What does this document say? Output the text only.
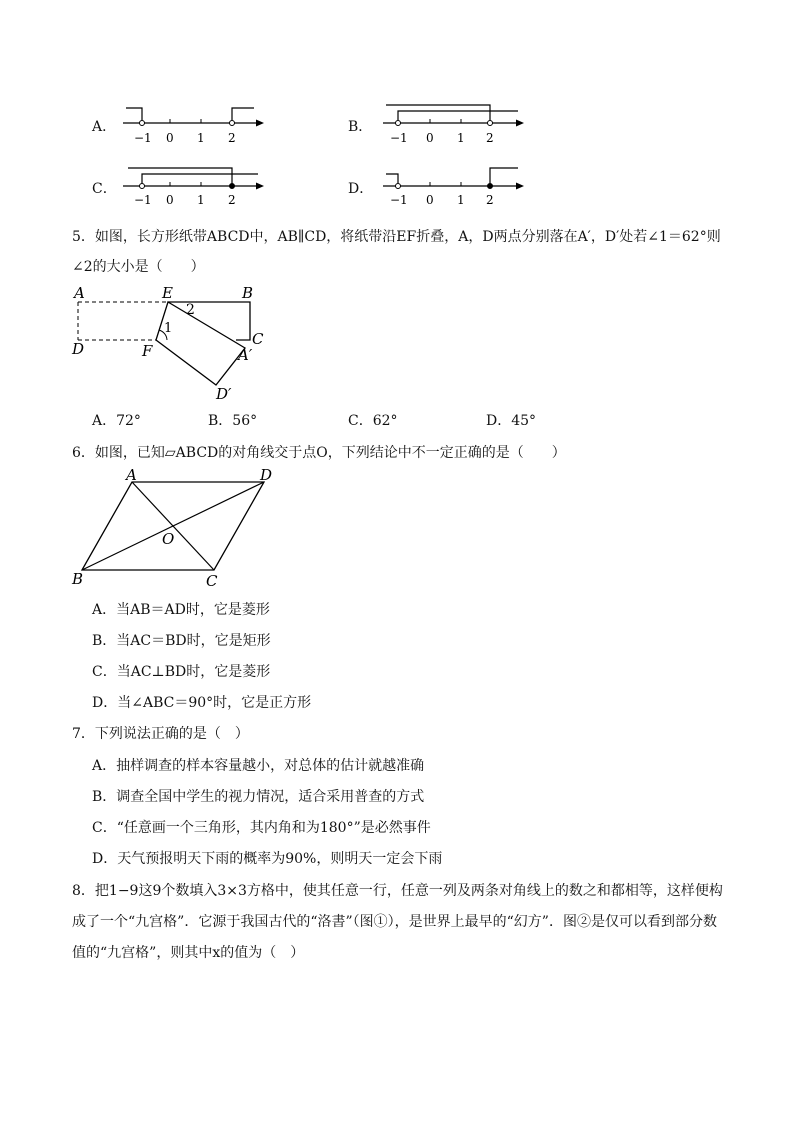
A．
−1 0 1 2
B．
−1 0 1 2
C．
−1 0 1 2
D．
−1 0 1 2
5．如图，长方形纸带ABCD中，AB∥CD，将纸带沿EF折叠，A，D两点分别落在A′，D′处若∠1＝62°则
∠2的大小是（　　）
A	E	B
C
D	F	A′
D′
1
2
A．72°	B．56°	C．62°	D．45°
6．如图，已知▱ABCD的对角线交于点O，下列结论中不一定正确的是（　　）
A	D
O
B	C
A．当AB＝AD时，它是菱形
B．当AC＝BD时，它是矩形
C．当AC⊥BD时，它是菱形
D．当∠ABC＝90°时，它是正方形
7．下列说法正确的是（　）
A．抽样调查的样本容量越小，对总体的估计就越准确
B．调查全国中学生的视力情况，适合采用普查的方式
C．“任意画一个三角形，其内角和为180°”是必然事件
D．天气预报明天下雨的概率为90%，则明天一定会下雨
8．把1−9这9个数填入3×3方格中，使其任意一行，任意一列及两条对角线上的数之和都相等，这样便构
成了一个“九宫格”．它源于我国古代的“洛書”（图①），是世界上最早的“幻方”．图②是仅可以看到部分数
值的“九宫格”，则其中x的值为（　）
